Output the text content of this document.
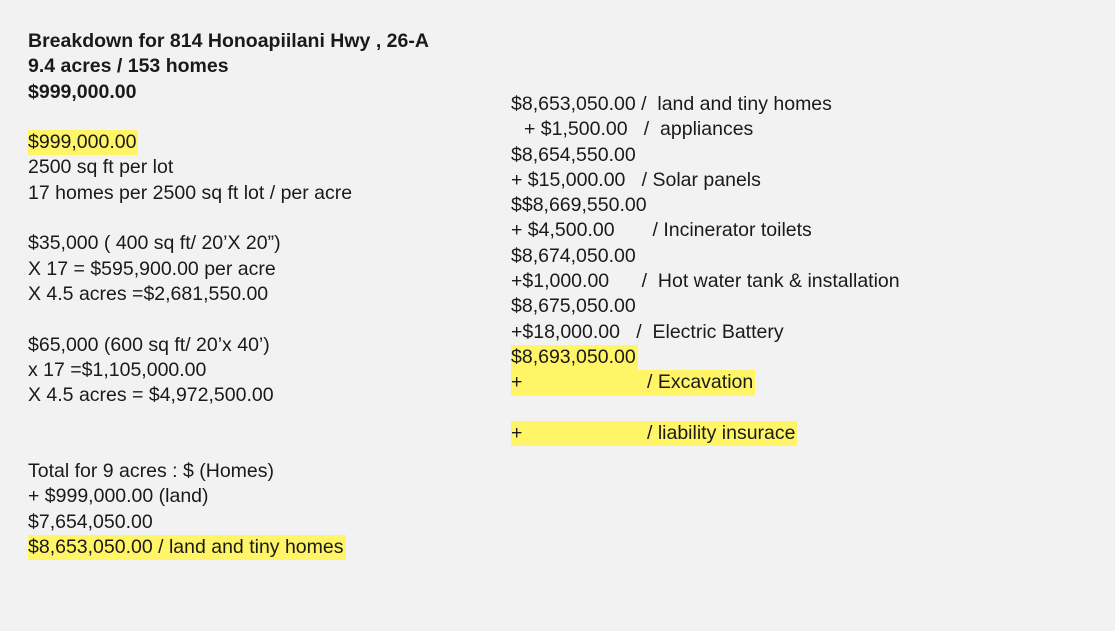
Breakdown for 814 Honoapiilani Hwy , 26-A
9.4 acres / 153 homes
$999,000.00
$999,000.00
2500 sq ft per lot
17 homes per 2500 sq ft lot / per acre
$35,000 ( 400 sq ft/ 20’X 20”)
X 17 = $595,900.00 per acre
X 4.5 acres =$2,681,550.00
$65,000 (600 sq ft/ 20’x 40’)
x 17 =$1,105,000.00
X 4.5 acres = $4,972,500.00
Total for 9 acres : $ (Homes)
+ $999,000.00 (land)
$7,654,050.00
$8,653,050.00 / land and tiny homes
$8,653,050.00 /  land and tiny homes
+ $1,500.00   /  appliances
$8,654,550.00
+ $15,000.00   / Solar panels
$$8,669,550.00
+ $4,500.00       / Incinerator toilets
$8,674,050.00
+$1,000.00      /  Hot water tank & installation
$8,675,050.00
+$18,000.00   /  Electric Battery
$8,693,050.00
+                       / Excavation
+                       / liability insurace
